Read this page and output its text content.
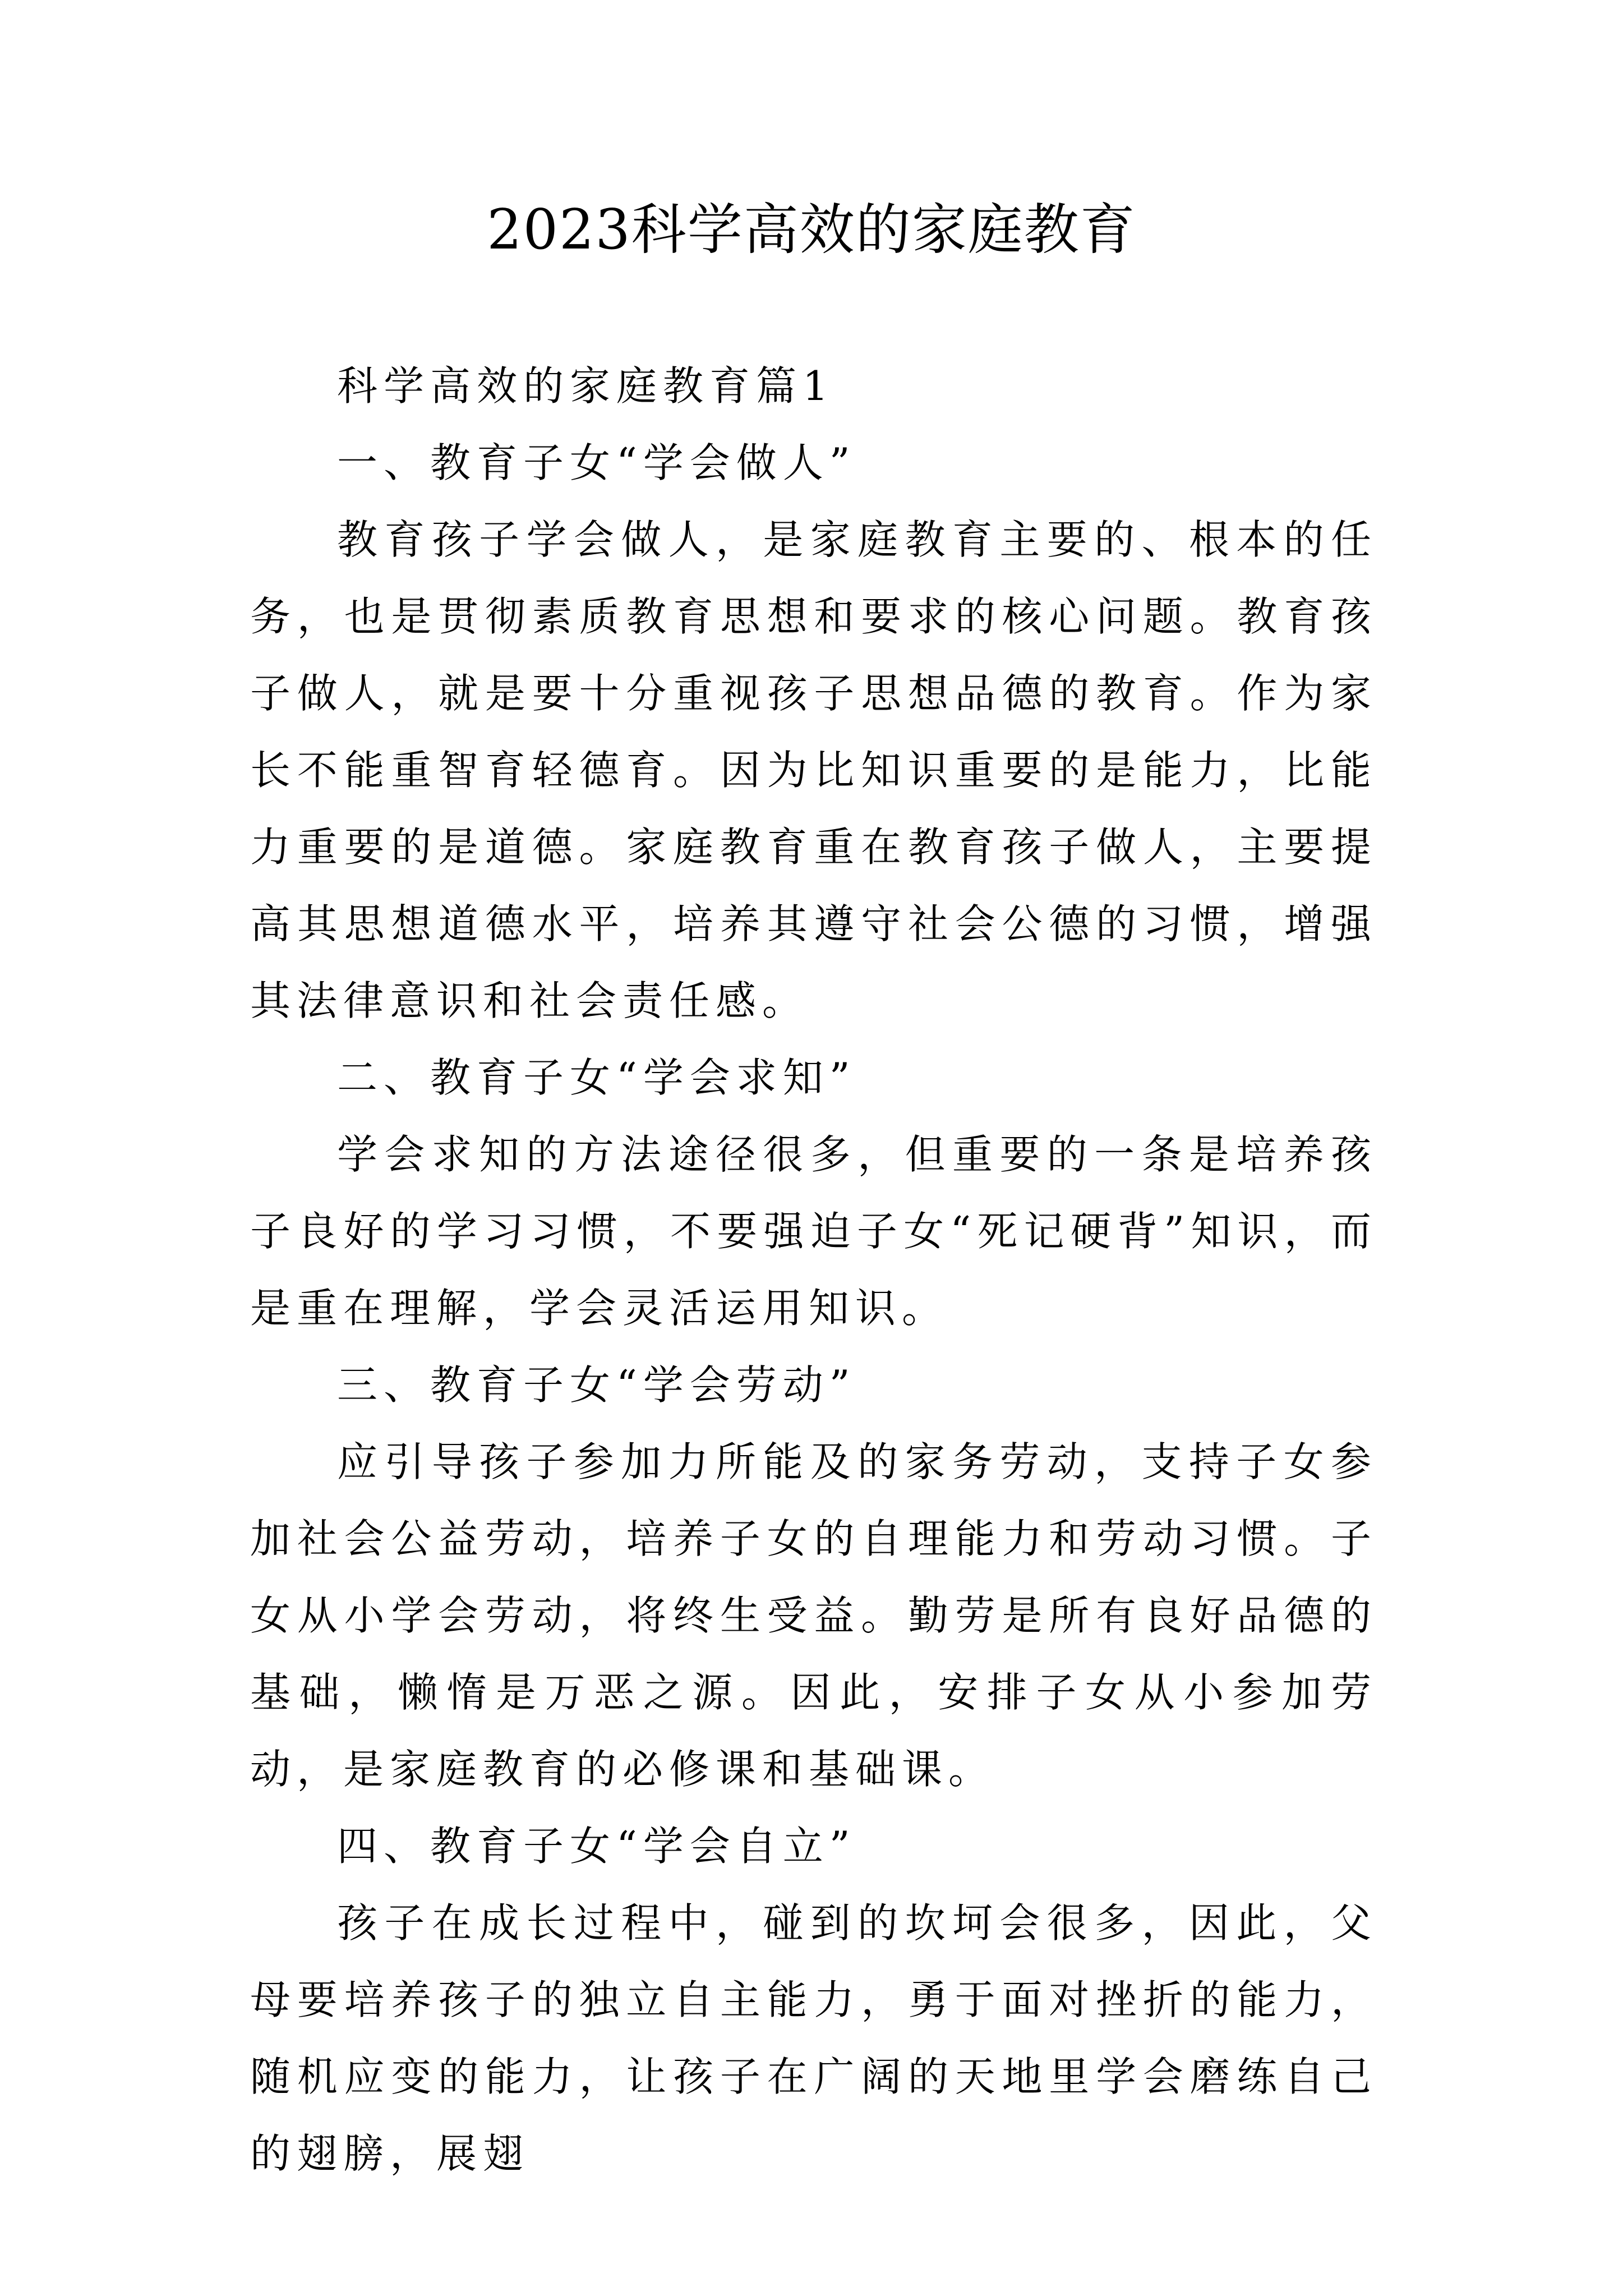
2023科学高效的家庭教育

科学高效的家庭教育篇1

一、教育子女“学会做人”

教育孩子学会做人，是家庭教育主要的、根本的任务，也是贯彻素质教育思想和要求的核心问题。教育孩子做人，就是要十分重视孩子思想品德的教育。作为家长不能重智育轻德育。因为比知识重要的是能力，比能力重要的是道德。家庭教育重在教育孩子做人，主要提高其思想道德水平，培养其遵守社会公德的习惯，增强其法律意识和社会责任感。

二、教育子女“学会求知”

学会求知的方法途径很多，但重要的一条是培养孩子良好的学习习惯，不要强迫子女“死记硬背”知识，而是重在理解，学会灵活运用知识。

三、教育子女“学会劳动”

应引导孩子参加力所能及的家务劳动，支持子女参加社会公益劳动，培养子女的自理能力和劳动习惯。子女从小学会劳动，将终生受益。勤劳是所有良好品德的基础，懒惰是万恶之源。因此，安排子女从小参加劳动，是家庭教育的必修课和基础课。

四、教育子女“学会自立”

孩子在成长过程中，碰到的坎坷会很多，因此，父母要培养孩子的独立自主能力，勇于面对挫折的能力，随机应变的能力，让孩子在广阔的天地里学会磨练自己的翅膀，展翅
